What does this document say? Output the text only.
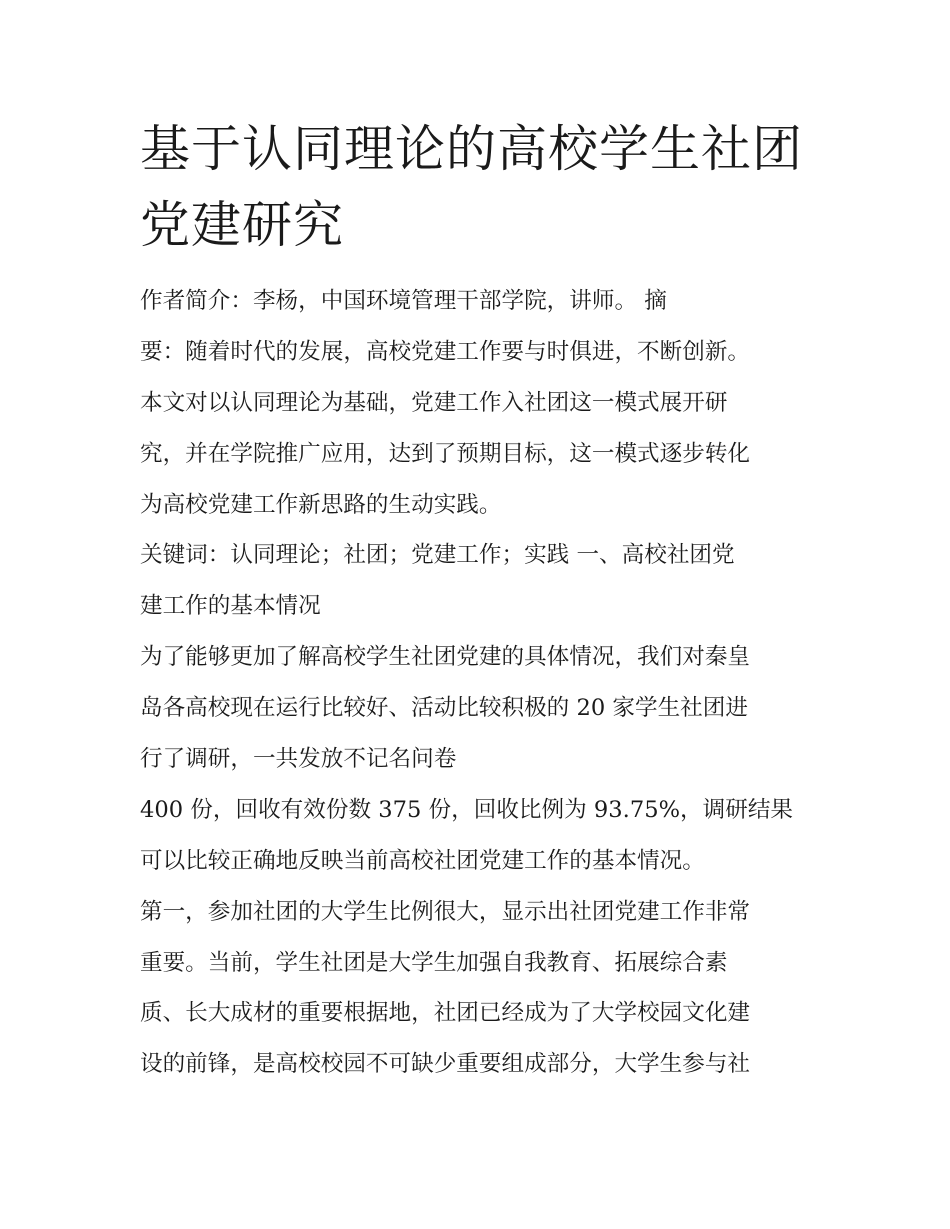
基于认同理论的高校学生社团
党建研究
作者简介：李杨，中国环境管理干部学院，讲师。 摘
要：随着时代的发展，高校党建工作要与时俱进，不断创新。
本文对以认同理论为基础，党建工作入社团这一模式展开研
究，并在学院推广应用，达到了预期目标，这一模式逐步转化
为高校党建工作新思路的生动实践。
关键词：认同理论；社团；党建工作；实践 一、高校社团党
建工作的基本情况
为了能够更加了解高校学生社团党建的具体情况，我们对秦皇
岛各高校现在运行比较好、活动比较积极的 20 家学生社团进
行了调研，一共发放不记名问卷
400 份，回收有效份数 375 份，回收比例为 93.75%，调研结果
可以比较正确地反映当前高校社团党建工作的基本情况。
第一，参加社团的大学生比例很大，显示出社团党建工作非常
重要。当前，学生社团是大学生加强自我教育、拓展综合素
质、长大成材的重要根据地，社团已经成为了大学校园文化建
设的前锋，是高校校园不可缺少重要组成部分，大学生参与社
